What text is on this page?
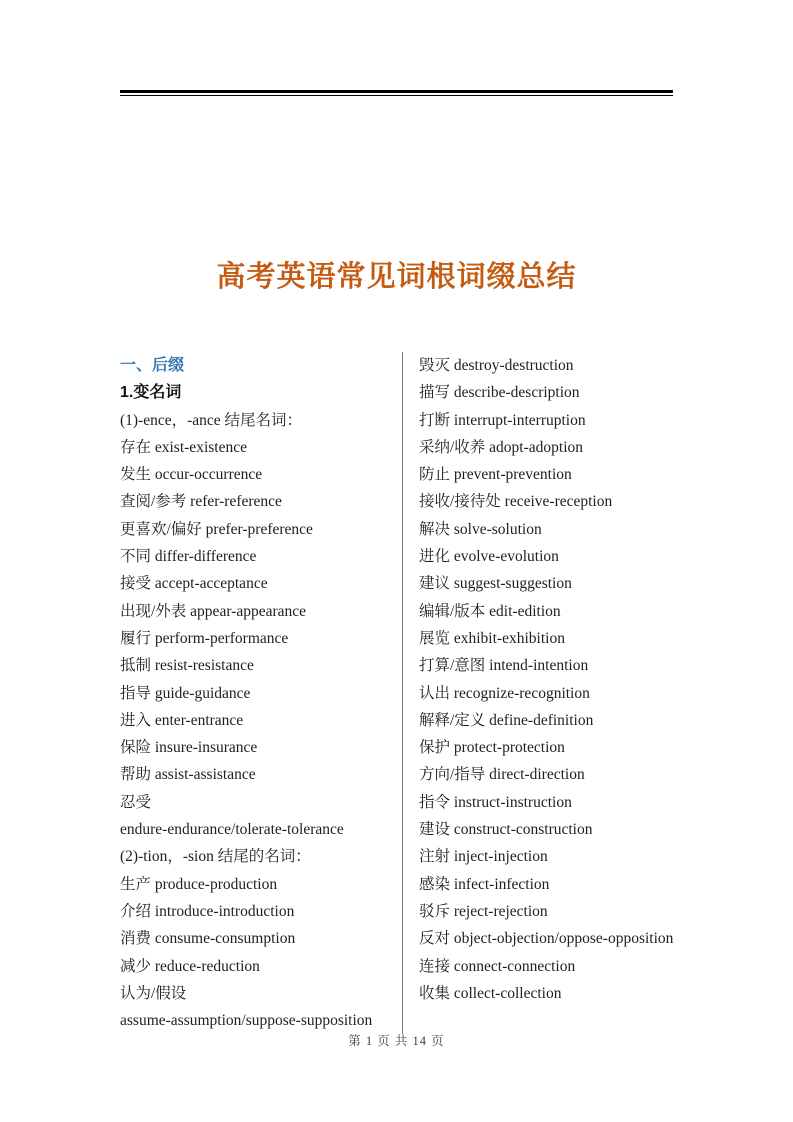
高考英语常见词根词缀总结
一、后缀
1.变名词
(1)-ence，-ance 结尾名词：
存在 exist-existence
发生 occur-occurrence
查阅/参考 refer-reference
更喜欢/偏好 prefer-preference
不同 differ-difference
接受 accept-acceptance
出现/外表 appear-appearance
履行 perform-performance
抵制 resist-resistance
指导 guide-guidance
进入 enter-entrance
保险 insure-insurance
帮助 assist-assistance
忍受
endure-endurance/tolerate-tolerance
(2)-tion，-sion 结尾的名词：
生产 produce-production
介绍 introduce-introduction
消费 consume-consumption
减少 reduce-reduction
认为/假设
assume-assumption/suppose-supposition
毁灭 destroy-destruction
描写 describe-description
打断 interrupt-interruption
采纳/收养 adopt-adoption
防止 prevent-prevention
接收/接待处 receive-reception
解决 solve-solution
进化 evolve-evolution
建议 suggest-suggestion
编辑/版本 edit-edition
展览 exhibit-exhibition
打算/意图 intend-intention
认出 recognize-recognition
解释/定义 define-definition
保护 protect-protection
方向/指导 direct-direction
指令 instruct-instruction
建设 construct-construction
注射 inject-injection
感染 infect-infection
驳斥 reject-rejection
反对 object-objection/oppose-opposition
连接 connect-connection
收集 collect-collection
第 1 页 共 14 页
